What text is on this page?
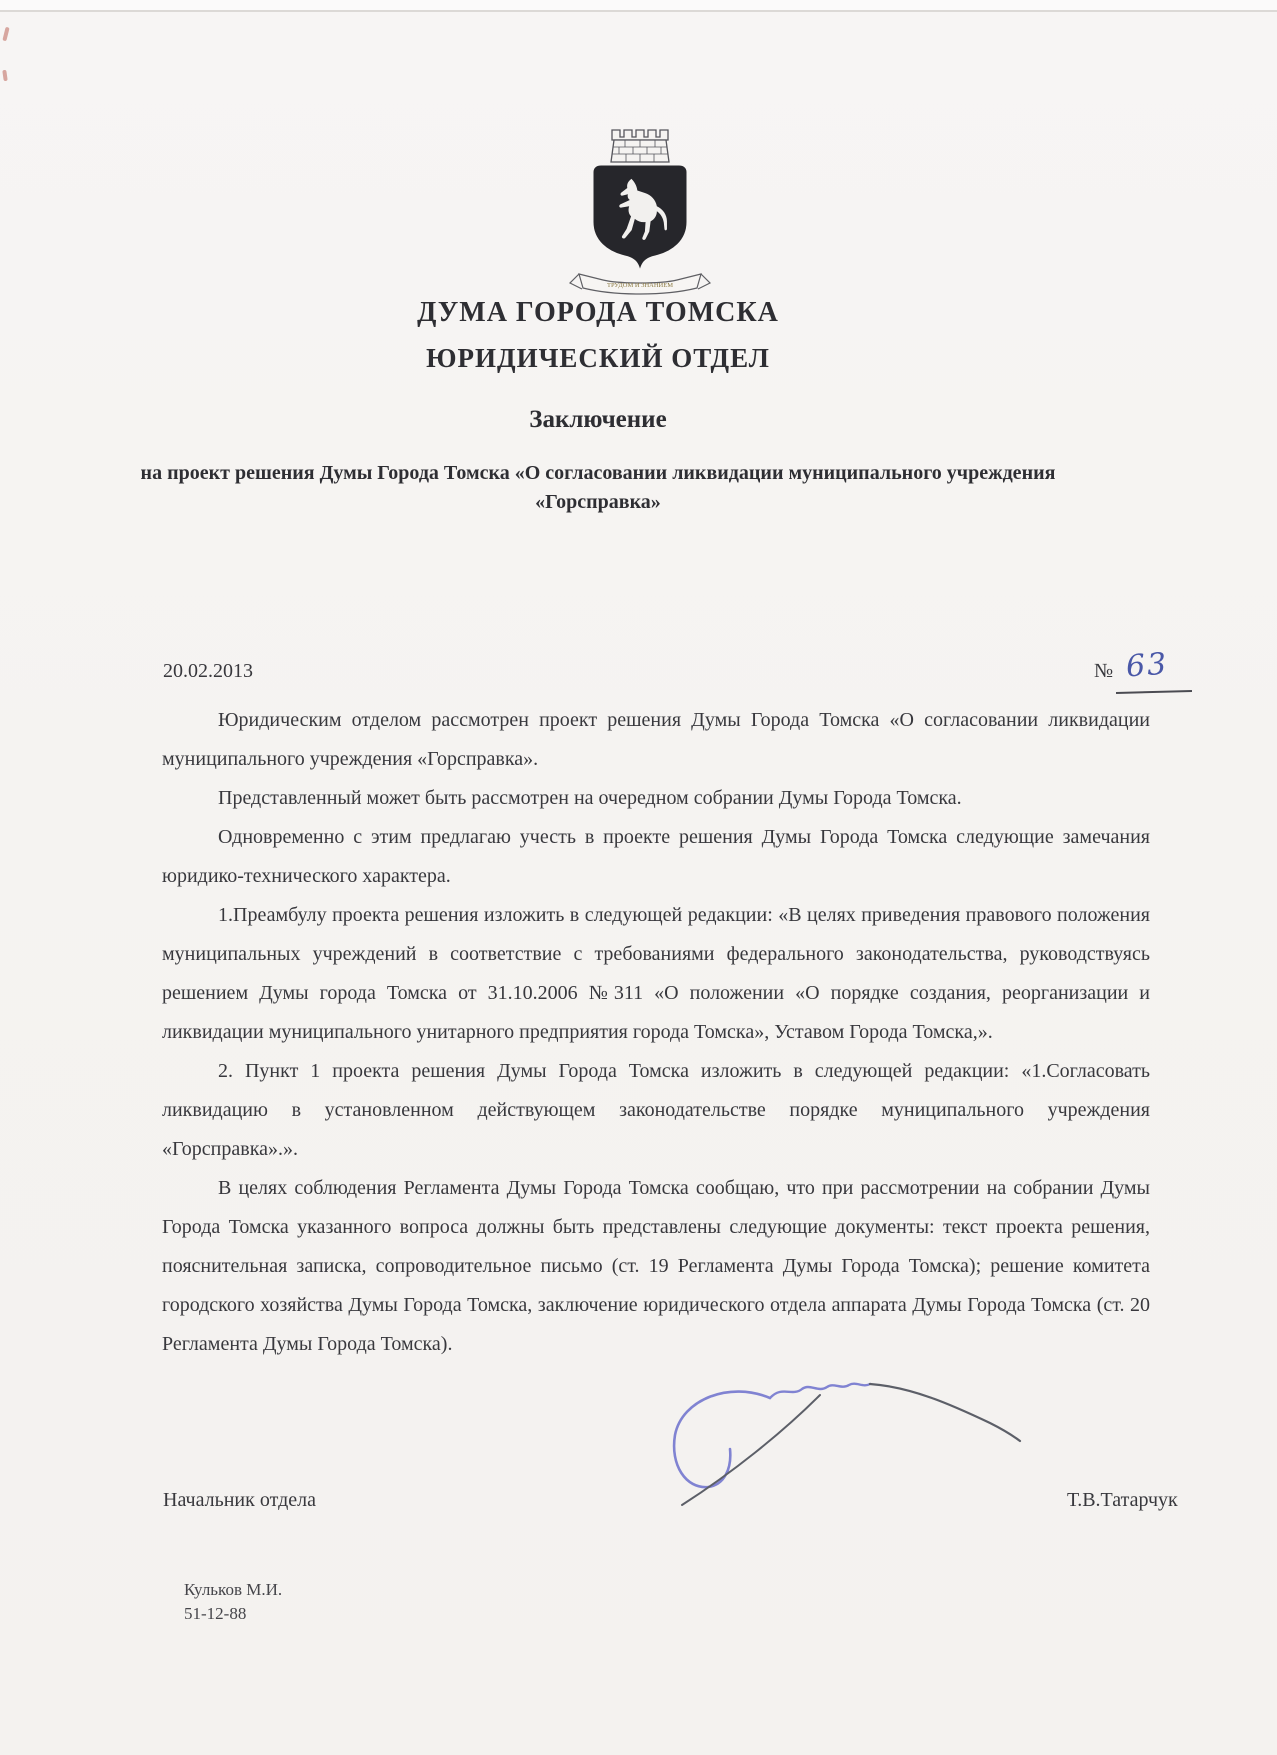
ТРУДОМ И ЗНАНИЕМ
ДУМА ГОРОДА ТОМСКА
ЮРИДИЧЕСКИЙ ОТДЕЛ
Заключение
на проект решения Думы Города Томска «О согласовании ликвидации муниципального учреждения «Горсправка»
20.02.2013	№ 63

Юридическим отделом рассмотрен проект решения Думы Города Томска «О согласовании ликвидации муниципального учреждения «Горсправка».

Представленный может быть рассмотрен на очередном собрании Думы Города Томска.

Одновременно с этим предлагаю учесть в проекте решения Думы Города Томска следующие замечания юридико-технического характера.

1.Преамбулу проекта решения изложить в следующей редакции: «В целях приведения правового положения муниципальных учреждений в соответствие с требованиями федерального законодательства, руководствуясь решением Думы города Томска от 31.10.2006 №311 «О положении «О порядке создания, реорганизации и ликвидации муниципального унитарного предприятия города Томска», Уставом Города Томска,».

2. Пункт 1 проекта решения Думы Города Томска изложить в следующей редакции: «1.Согласовать ликвидацию в установленном действующем законодательстве порядке муниципального учреждения «Горсправка».».

В целях соблюдения Регламента Думы Города Томска сообщаю, что при рассмотрении на собрании Думы Города Томска указанного вопроса должны быть представлены следующие документы: текст проекта решения, пояснительная записка, сопроводительное письмо (ст. 19 Регламента Думы Города Томска); решение комитета городского хозяйства Думы Города Томска, заключение юридического отдела аппарата Думы Города Томска (ст. 20 Регламента Думы Города Томска).

Начальник отдела	Т.В.Татарчук
Кульков М.И.
51-12-88
